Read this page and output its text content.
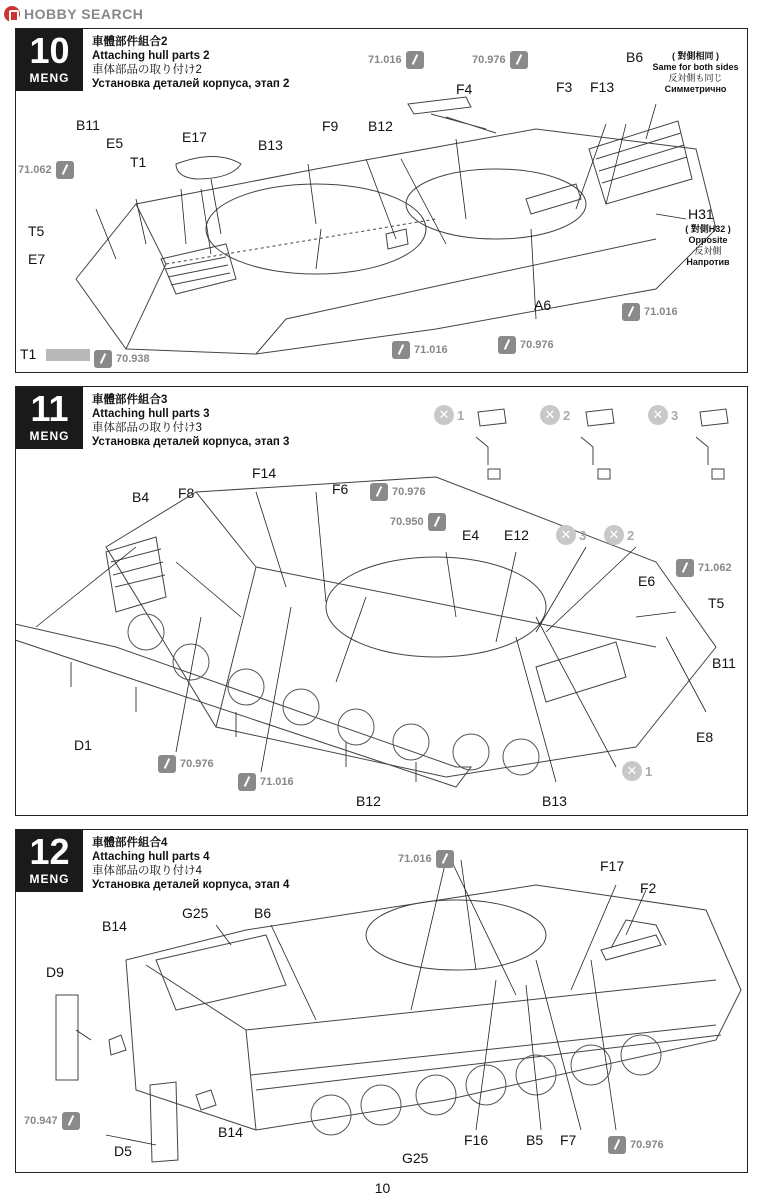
HOBBY SEARCH
10
MENG
車體部件組合2
Attaching hull parts 2
車体部品の取り付け2
Установка деталей корпуса, этап 2
B11
E5	E17
T1
T5
E7
B13
F9 B12
F4	F3 F13
B6	( 對側相同 )
Same for both sides
反対側も同じ
Симметрично
H31
( 對側H32 )
Opposite
反対側
Напротив
A6
T1
71.016	70.976
71.062
71.016
71.016	70.976
70.938
11
MENG
車體部件組合3
Attaching hull parts 3
車体部品の取り付け3
Установка деталей корпуса, этап 3
✕ 1	✕ 2	✕ 3
✕ 3	✕ 2
✕ 1
B4 F8
F14
F6
E4 E12
E6
T5
B11
E8
D1
B12	B13
70.976
70.950
71.062
70.976
71.016
12
MENG
車體部件組合4
Attaching hull parts 4
車体部品の取り付け4
Установка деталей корпуса, этап 4
B14
G25	B6
D9
F17
F2
D5
B14
G25
F16	B5 F7
71.016
70.947
70.976
10
